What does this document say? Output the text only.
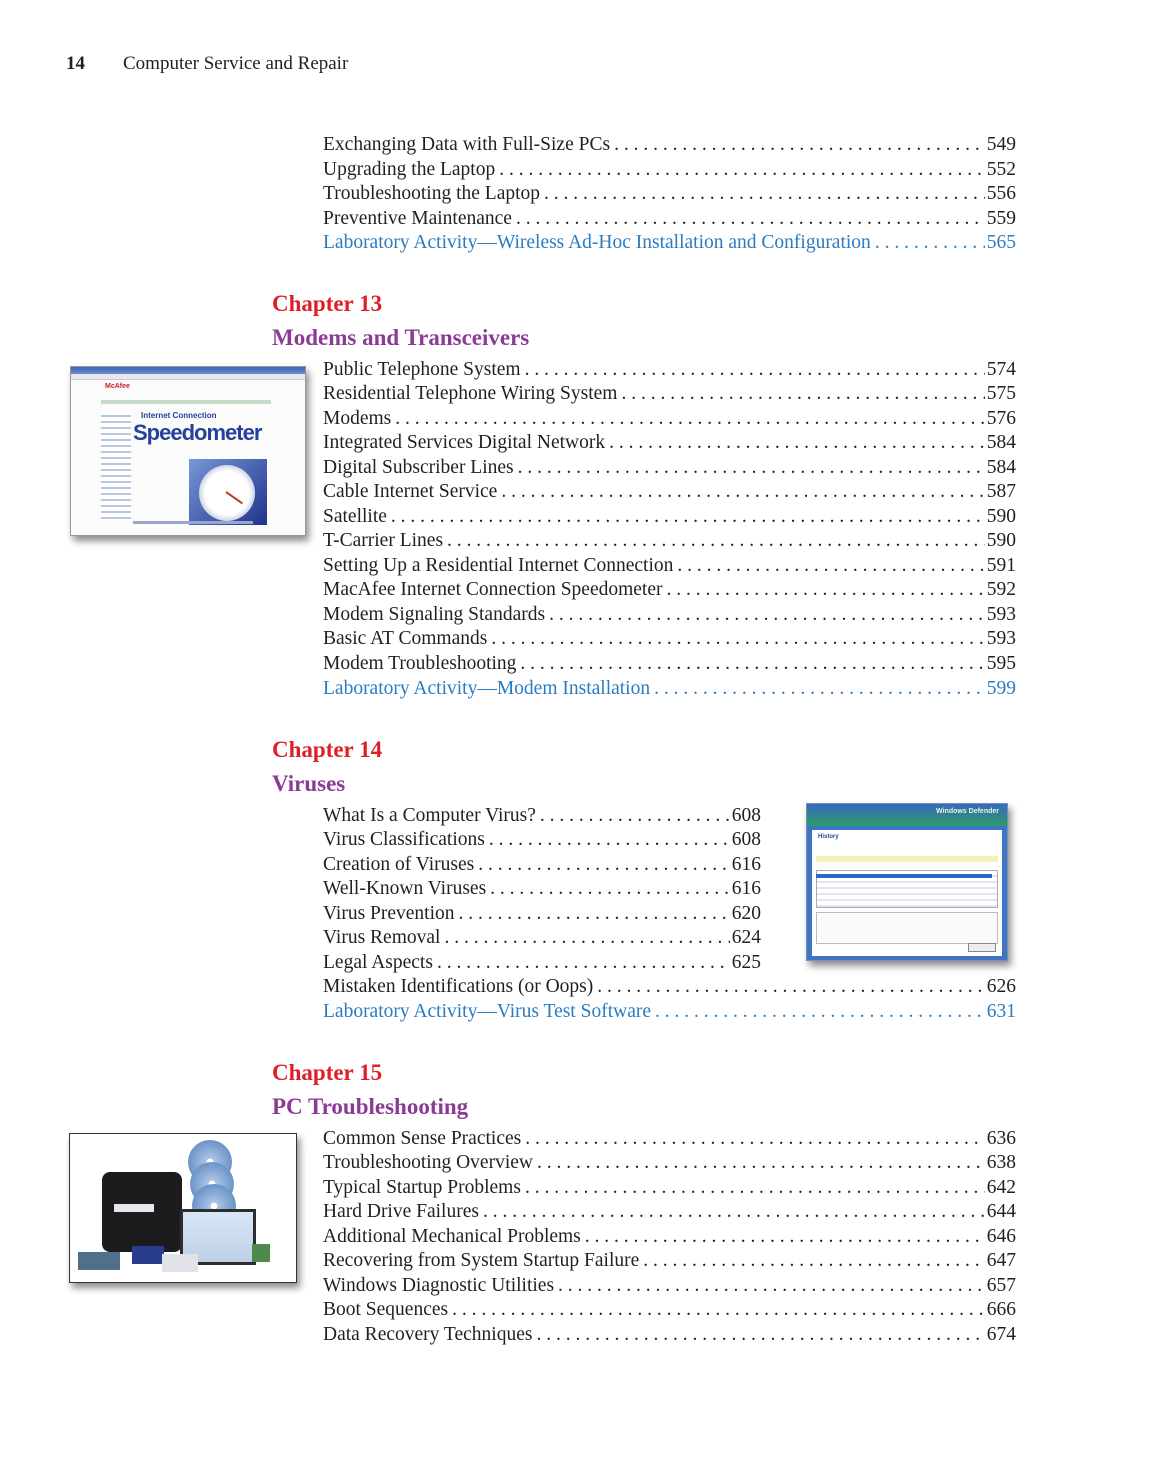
14 Computer Service and Repair
Exchanging Data with Full-Size PCs . . .	549
Upgrading the Laptop . . .	552
Troubleshooting the Laptop . . .	556
Preventive Maintenance . . .	559
Laboratory Activity—Wireless Ad-Hoc Installation and Configuration . . .	565
Chapter 13
Modems and Transceivers
McAfee
Internet Connection
Speedometer
Public Telephone System . . .	574
Residential Telephone Wiring System . . .	575
Modems . . .	576
Integrated Services Digital Network . . .	584
Digital Subscriber Lines . . .	584
Cable Internet Service . . .	587
Satellite . . .	590
T-Carrier Lines . . .	590
Setting Up a Residential Internet Connection . . .	591
MacAfee Internet Connection Speedometer . . .	592
Modem Signaling Standards . . .	593
Basic AT Commands . . .	593
Modem Troubleshooting . . .	595
Laboratory Activity—Modem Installation . . .	599
Chapter 14
Viruses
Windows Defender
History
What Is a Computer Virus? . . .	608
Virus Classifications . . .	608
Creation of Viruses . . .	616
Well-Known Viruses . . .	616
Virus Prevention . . .	620
Virus Removal . . .	624
Legal Aspects . . .	625
Mistaken Identifications (or Oops) . . .	626
Laboratory Activity—Virus Test Software . . .	631
Chapter 15
PC Troubleshooting
Common Sense Practices . . .	636
Troubleshooting Overview . . .	638
Typical Startup Problems . . .	642
Hard Drive Failures . . .	644
Additional Mechanical Problems . . .	646
Recovering from System Startup Failure . . .	647
Windows Diagnostic Utilities . . .	657
Boot Sequences . . .	666
Data Recovery Techniques . . .	674
